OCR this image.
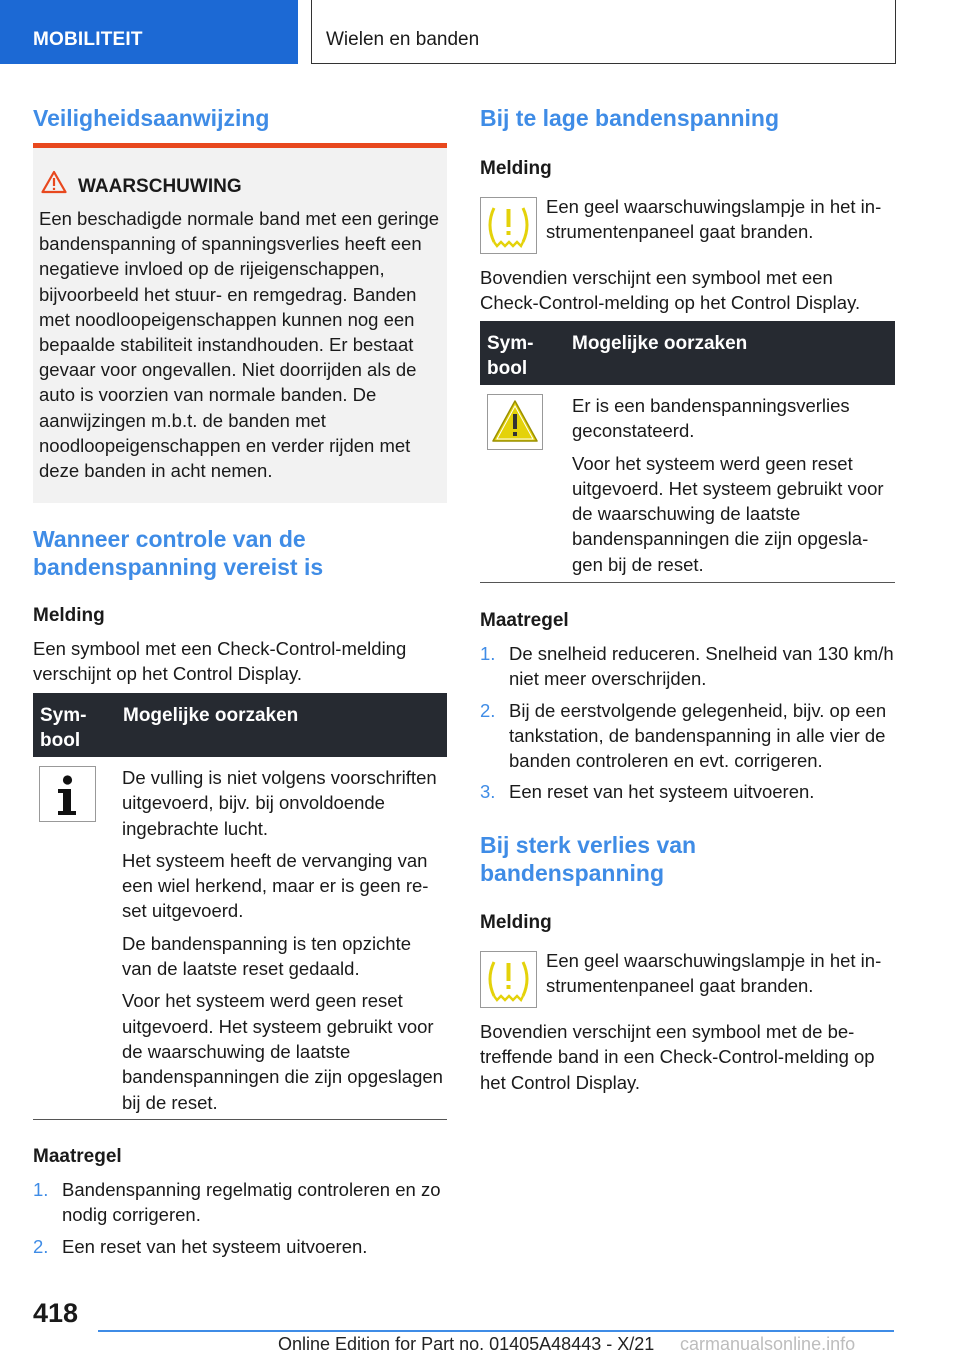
MOBILITEIT	Wielen en banden
Veiligheidsaanwijzing
WAARSCHUWING
Een beschadigde normale band met een geringe bandenspanning of spanningsverlies heeft een negatieve invloed op de rijeigenschappen, bijvoorbeeld het stuur- en remgedrag. Banden met noodloopeigenschappen kunnen nog een bepaalde stabiliteit instandhouden. Er bestaat gevaar voor ongevallen. Niet doorrijden als de auto is voorzien van normale banden. De aanwijzingen m.b.t. de banden met noodloopeigenschappen en verder rijden met deze banden in acht nemen.
Wanneer controle van de bandenspanning vereist is
Melding

Een symbool met een Check-Control-melding verschijnt op het Control Display.

Symbool
Mogelijke oorzaken

De vulling is niet volgens voorschriften uitgevoerd, bijv. bij onvoldoende ingebrachte lucht.

Het systeem heeft de vervanging van een wiel herkend, maar er is geen reset uitgevoerd.

De bandenspanning is ten opzichte van de laatste reset gedaald.

Voor het systeem werd geen reset uitgevoerd. Het systeem gebruikt voor de waarschuwing de laatste bandenspanningen die zijn opgeslagen bij de reset.

Maatregel
1. Bandenspanning regelmatig controleren en zo nodig corrigeren.
2. Een reset van het systeem uitvoeren.
Bij te lage bandenspanning
Melding

Een geel waarschuwingslampje in het instrumentenpaneel gaat branden.

Bovendien verschijnt een symbool met een Check-Control-melding op het Control Display.

Symbool
Mogelijke oorzaken

Er is een bandenspanningsverlies geconstateerd.

Voor het systeem werd geen reset uitgevoerd. Het systeem gebruikt voor de waarschuwing de laatste bandenspanningen die zijn opgeslagen bij de reset.

Maatregel
1. De snelheid reduceren. Snelheid van 130 km/h niet meer overschrijden.
2. Bij de eerstvolgende gelegenheid, bijv. op een tankstation, de bandenspanning in alle vier de banden controleren en evt. corrigeren.
3. Een reset van het systeem uitvoeren.
Bij sterk verlies van bandenspanning
Melding

Een geel waarschuwingslampje in het instrumentenpaneel gaat branden.

Bovendien verschijnt een symbool met de betreffende band in een Check-Control-melding op het Control Display.

418
Online Edition for Part no. 01405A48443 - X/21 carmanualsonline.info
